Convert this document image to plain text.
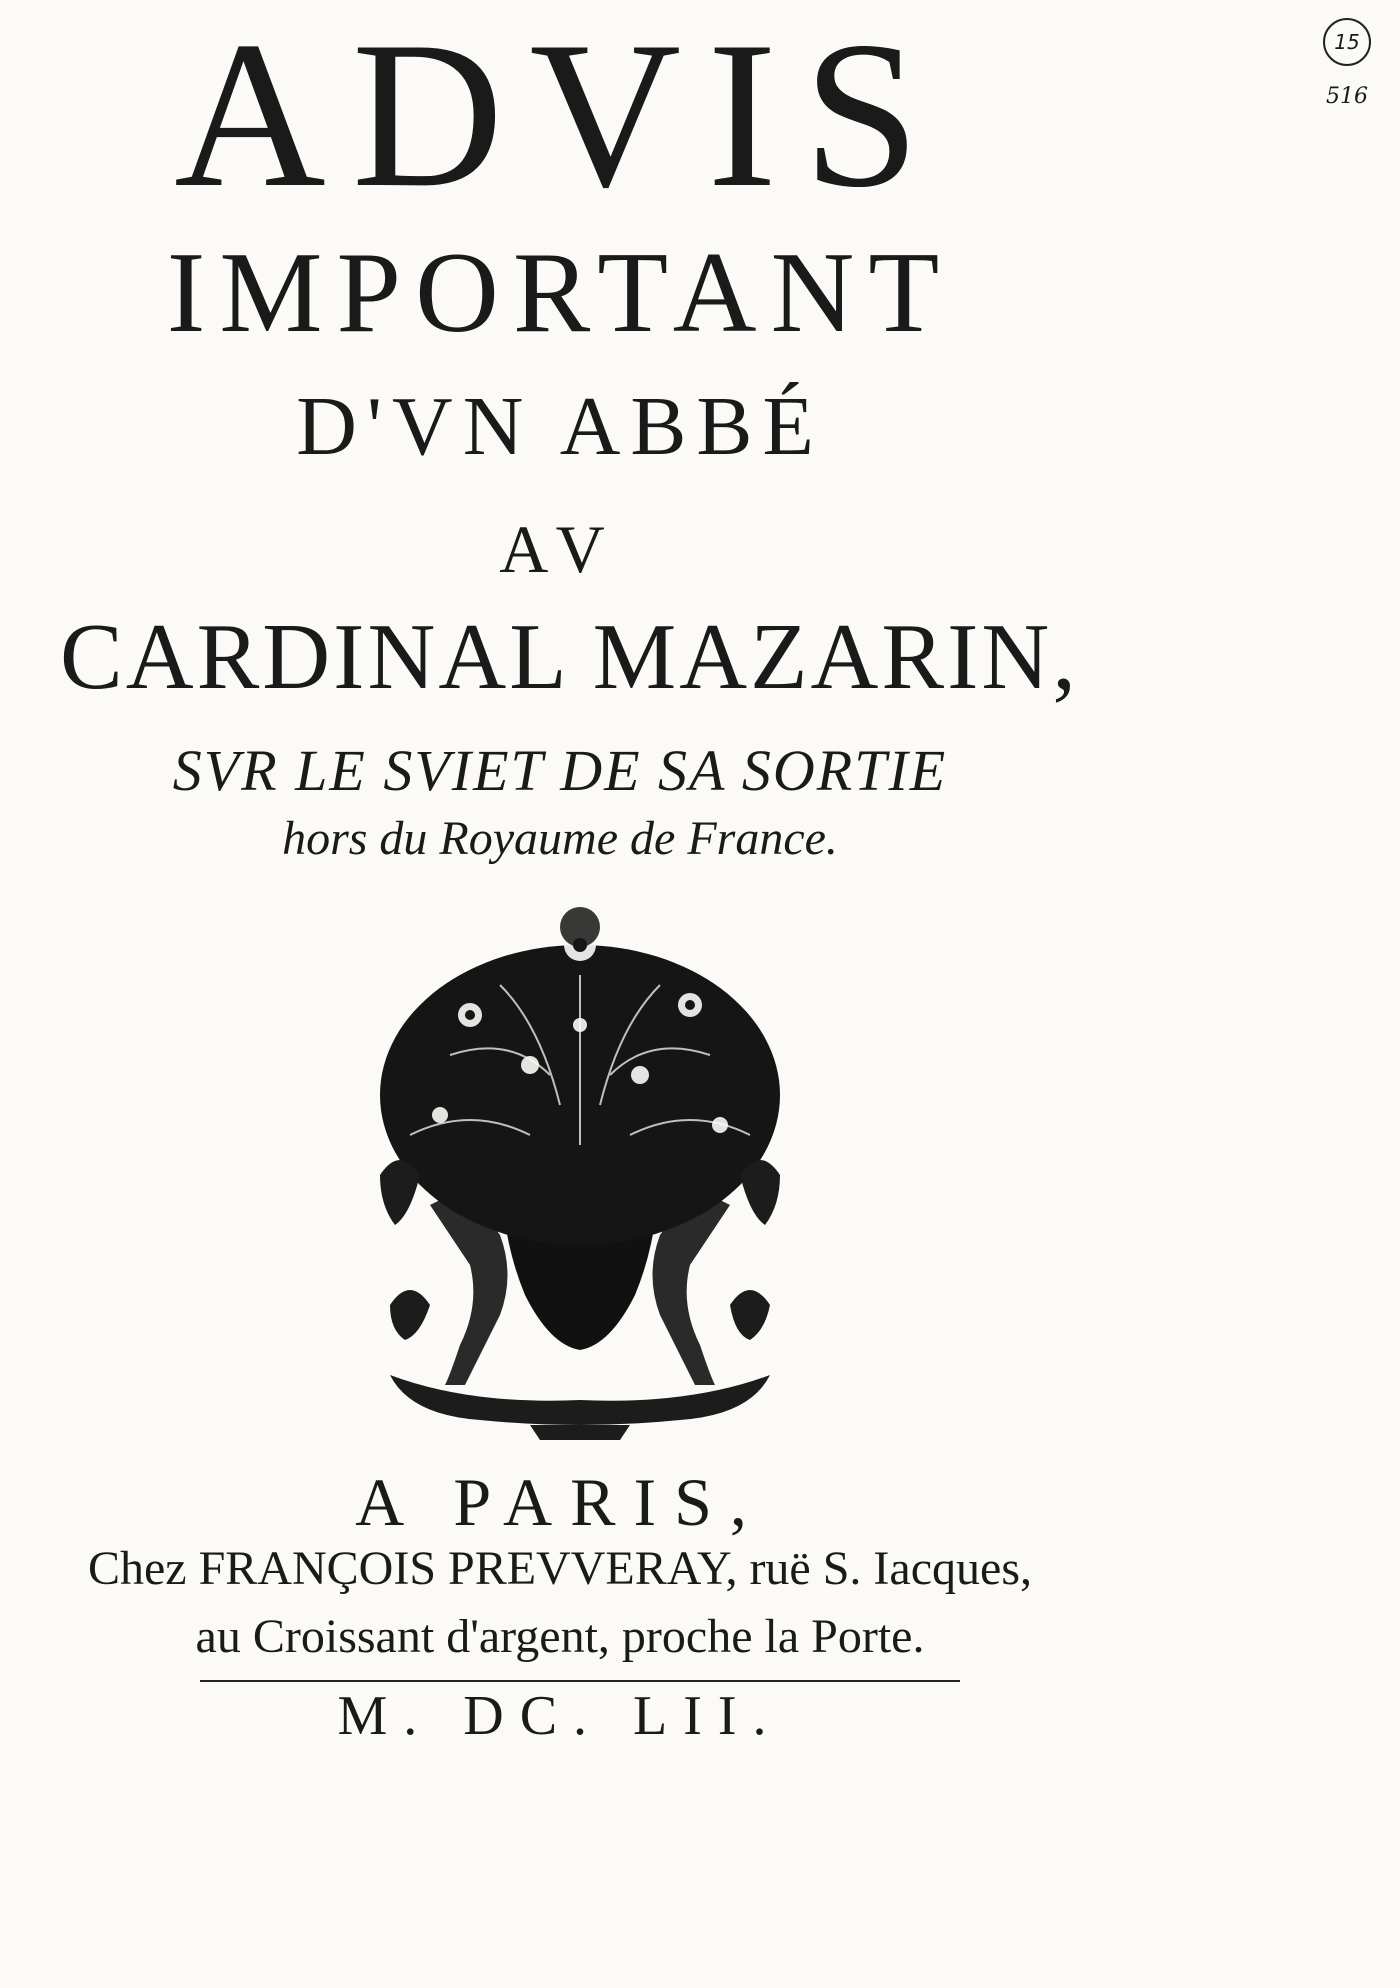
ADVIS
IMPORTANT
D'VN ABBÉ
AV
CARDINAL MAZARIN,
SVR LE SVIET DE SA SORTIE
hors du Royaume de France.
A PARIS,
Chez FRANÇOIS PREVVERAY, ruë S. Iacques,
au Croissant d'argent, proche la Porte.
M. DC. LII.
15
516
